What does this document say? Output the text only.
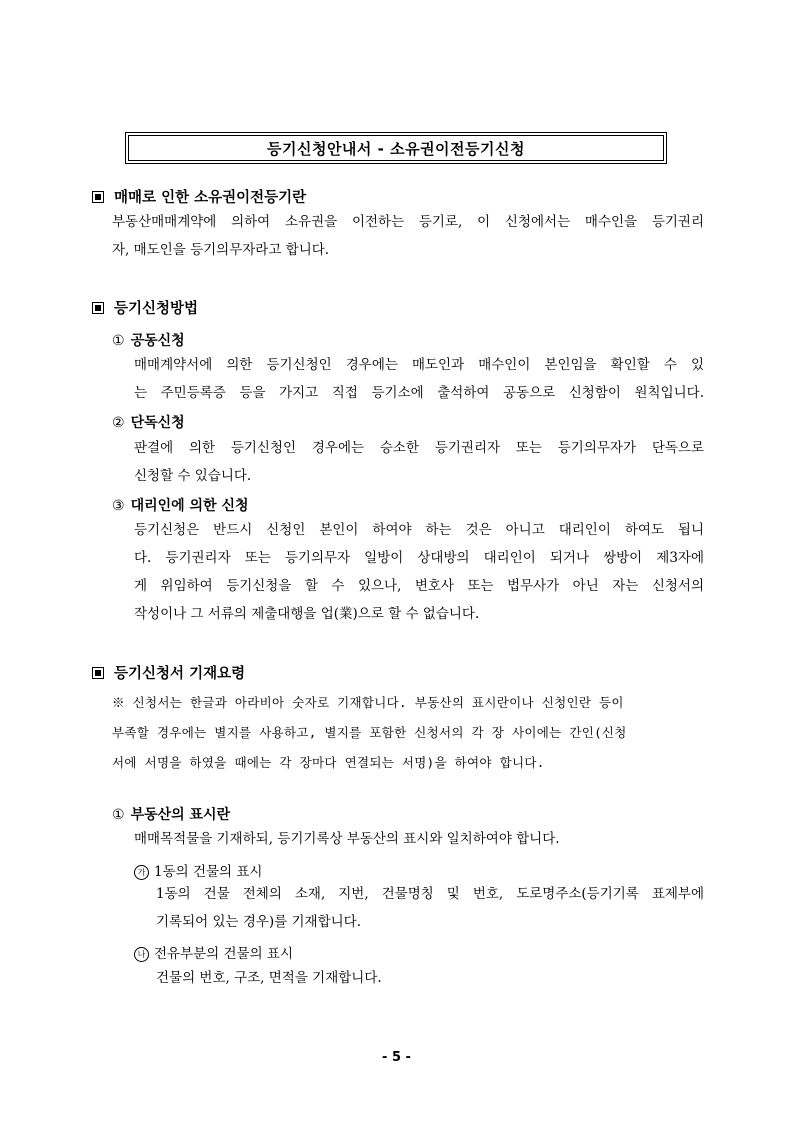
등기신청안내서 - 소유권이전등기신청
매매로 인한 소유권이전등기란
부동산매매계약에 의하여 소유권을 이전하는 등기로, 이 신청에서는 매수인을 등기권리
자, 매도인을 등기의무자라고 합니다.
등기신청방법
① 공동신청
매매계약서에 의한 등기신청인 경우에는 매도인과 매수인이 본인임을 확인할 수 있
는 주민등록증 등을 가지고 직접 등기소에 출석하여 공동으로 신청함이 원칙입니다.
② 단독신청
판결에 의한 등기신청인 경우에는 승소한 등기권리자 또는 등기의무자가 단독으로
신청할 수 있습니다.
③ 대리인에 의한 신청
등기신청은 반드시 신청인 본인이 하여야 하는 것은 아니고 대리인이 하여도 됩니
다. 등기권리자 또는 등기의무자 일방이 상대방의 대리인이 되거나 쌍방이 제3자에
게 위임하여 등기신청을 할 수 있으나, 변호사 또는 법무사가 아닌 자는 신청서의
작성이나 그 서류의 제출대행을 업(業)으로 할 수 없습니다.
등기신청서 기재요령
※ 신청서는 한글과 아라비아 숫자로 기재합니다. 부동산의 표시란이나 신청인란 등이
부족할 경우에는 별지를 사용하고, 별지를 포함한 신청서의 각 장 사이에는 간인(신청
서에 서명을 하였을 때에는 각 장마다 연결되는 서명)을 하여야 합니다.
① 부동산의 표시란
매매목적물을 기재하되, 등기기록상 부동산의 표시와 일치하여야 합니다.
가 1동의 건물의 표시
1동의 건물 전체의 소재, 지번, 건물명칭 및 번호, 도로명주소(등기기록 표제부에
기록되어 있는 경우)를 기재합니다.
나 전유부분의 건물의 표시
건물의 번호, 구조, 면적을 기재합니다.
- 5 -
